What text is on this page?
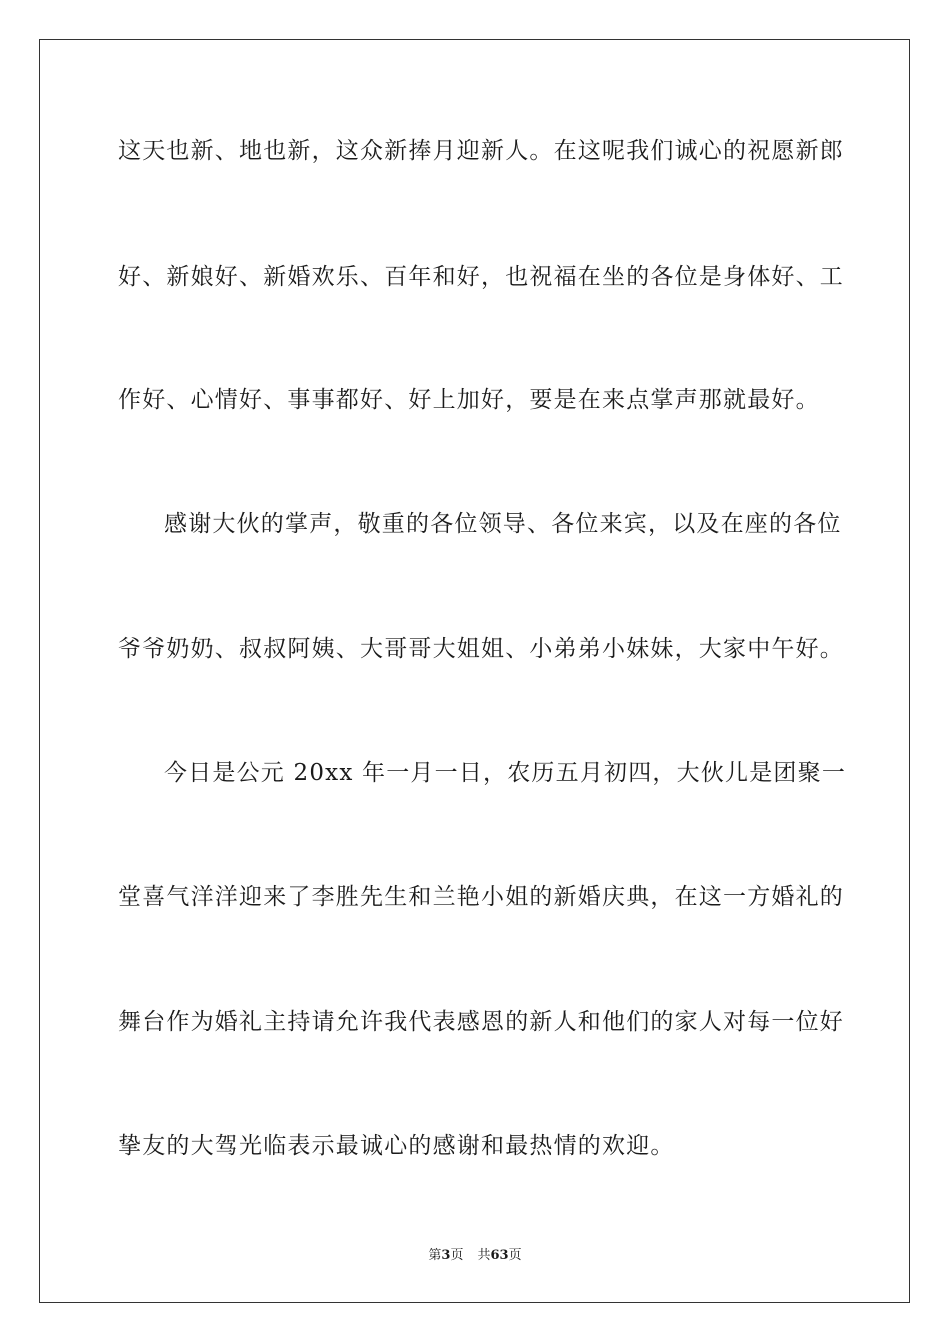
这天也新、地也新，这众新捧月迎新人。在这呢我们诚心的祝愿新郎
好、新娘好、新婚欢乐、百年和好，也祝福在坐的各位是身体好、工
作好、心情好、事事都好、好上加好，要是在来点掌声那就最好。
感谢大伙的掌声，敬重的各位领导、各位来宾，以及在座的各位
爷爷奶奶、叔叔阿姨、大哥哥大姐姐、小弟弟小妹妹，大家中午好。
今日是公元 20xx 年一月一日，农历五月初四，大伙儿是团聚一
堂喜气洋洋迎来了李胜先生和兰艳小姐的新婚庆典，在这一方婚礼的
舞台作为婚礼主持请允许我代表感恩的新人和他们的家人对每一位好
挚友的大驾光临表示最诚心的感谢和最热情的欢迎。
第3页 共63页
